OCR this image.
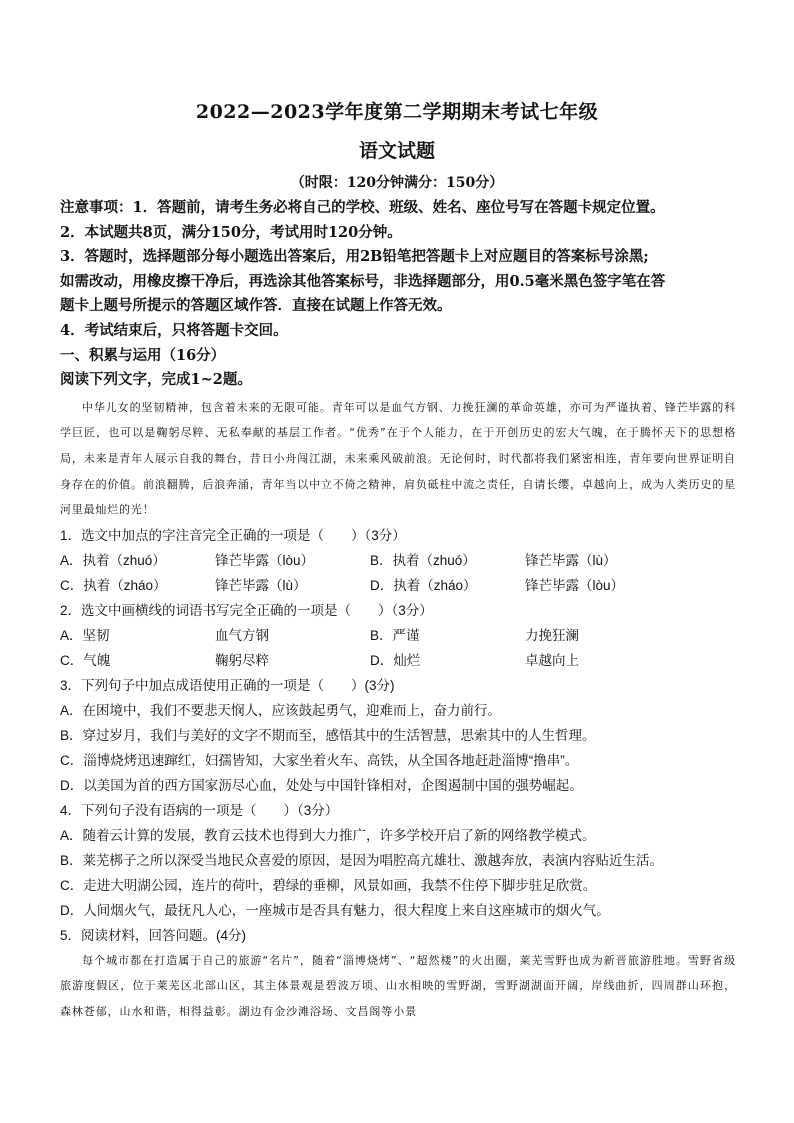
2022—2023学年度第二学期期末考试七年级
语文试题
（时限：120分钟满分：150分）
注意事项：1．答题前，请考生务必将自己的学校、班级、姓名、座位号写在答题卡规定位置。
2．本试题共8页，满分150分，考试用时120分钟。
3．答题时，选择题部分每小题选出答案后，用2B铅笔把答题卡上对应题目的答案标号涂黑;
如需改动，用橡皮擦干净后，再选涂其他答案标号，非选择题部分，用0.5毫米黑色签字笔在答
题卡上题号所提示的答题区域作答．直接在试题上作答无效。
4．考试结束后，只将答题卡交回。
一、积累与运用（16分）
阅读下列文字，完成1~2题。

中华儿女的坚韧精神，包含着未来的无限可能。青年可以是血气方钢、力挽狂澜的革命英雄，亦可为严谨执着、锋芒毕露的科学巨匠，也可以是鞠躬尽粹、无私奉献的基层工作者。“优秀”在于个人能力，在于开创历史的宏大气魄，在于腾怀天下的思想格局，未来是青年人展示自我的舞台，昔日小舟闯江湖，未来乘风破前浪。无论何时，时代都将我们紧密相连，青年要向世界证明自身存在的价值。前浪翻腾，后浪奔涌，青年当以中立不倚之精神，肩负砥柱中流之责任，自请长缨，卓越向上，成为人类历史的星河里最灿烂的光！

1．选文中加点的字注音完全正确的一项是（　　）（3分）
A．执着（zhuó）	锋芒毕露（lòu）	B．执着（zhuó）	锋芒毕露（lù）
C．执着（zháo）	锋芒毕露（lù）	D．执着（zháo）	锋芒毕露（lòu）
2．选文中画横线的词语书写完全正确的一项是（　　）（3分）
A．坚韧	血气方钢	B．严谨	力挽狂澜
C．气魄	鞠躬尽粹	D．灿烂	卓越向上
3．下列句子中加点成语使用正确的一项是（　　）(3分)
A．在困境中，我们不要悲天悯人，应该鼓起勇气，迎难而上，奋力前行。
B．穿过岁月，我们与美好的文字不期而至，感悟其中的生活智慧，思索其中的人生哲理。
C．淄博烧烤迅速蹿红，妇孺皆知，大家坐着火车、高铁，从全国各地赶赴淄博“撸串”。
D．以美国为首的西方国家沥尽心血，处处与中国针锋相对，企图遏制中国的强势崛起。
4．下列句子没有语病的一项是（　　）（3分）
A．随着云计算的发展，教育云技术也得到大力推广，许多学校开启了新的网络教学模式。
B．莱芜梆子之所以深受当地民众喜爱的原因，是因为唱腔高亢雄壮、激越奔放，表演内容贴近生活。
C．走进大明湖公园，连片的荷叶，碧绿的垂柳，风景如画，我禁不住停下脚步驻足欣赏。
D．人间烟火气，最抚凡人心，一座城市是否具有魅力，很大程度上来自这座城市的烟火气。
5．阅读材料，回答问题。(4分)

每个城市都在打造属于自己的旅游“名片”，随着“淄博烧烤”、“超然楼”的火出圈，莱芜雪野也成为新晋旅游胜地。雪野省级旅游度假区，位于莱芜区北部山区，其主体景观是碧波万顷、山水相映的雪野湖，雪野湖湖面开阔，岸线曲折，四周群山环抱，森林苍郁，山水和谐，相得益彰。湖边有金沙滩浴场、文昌阁等小景
